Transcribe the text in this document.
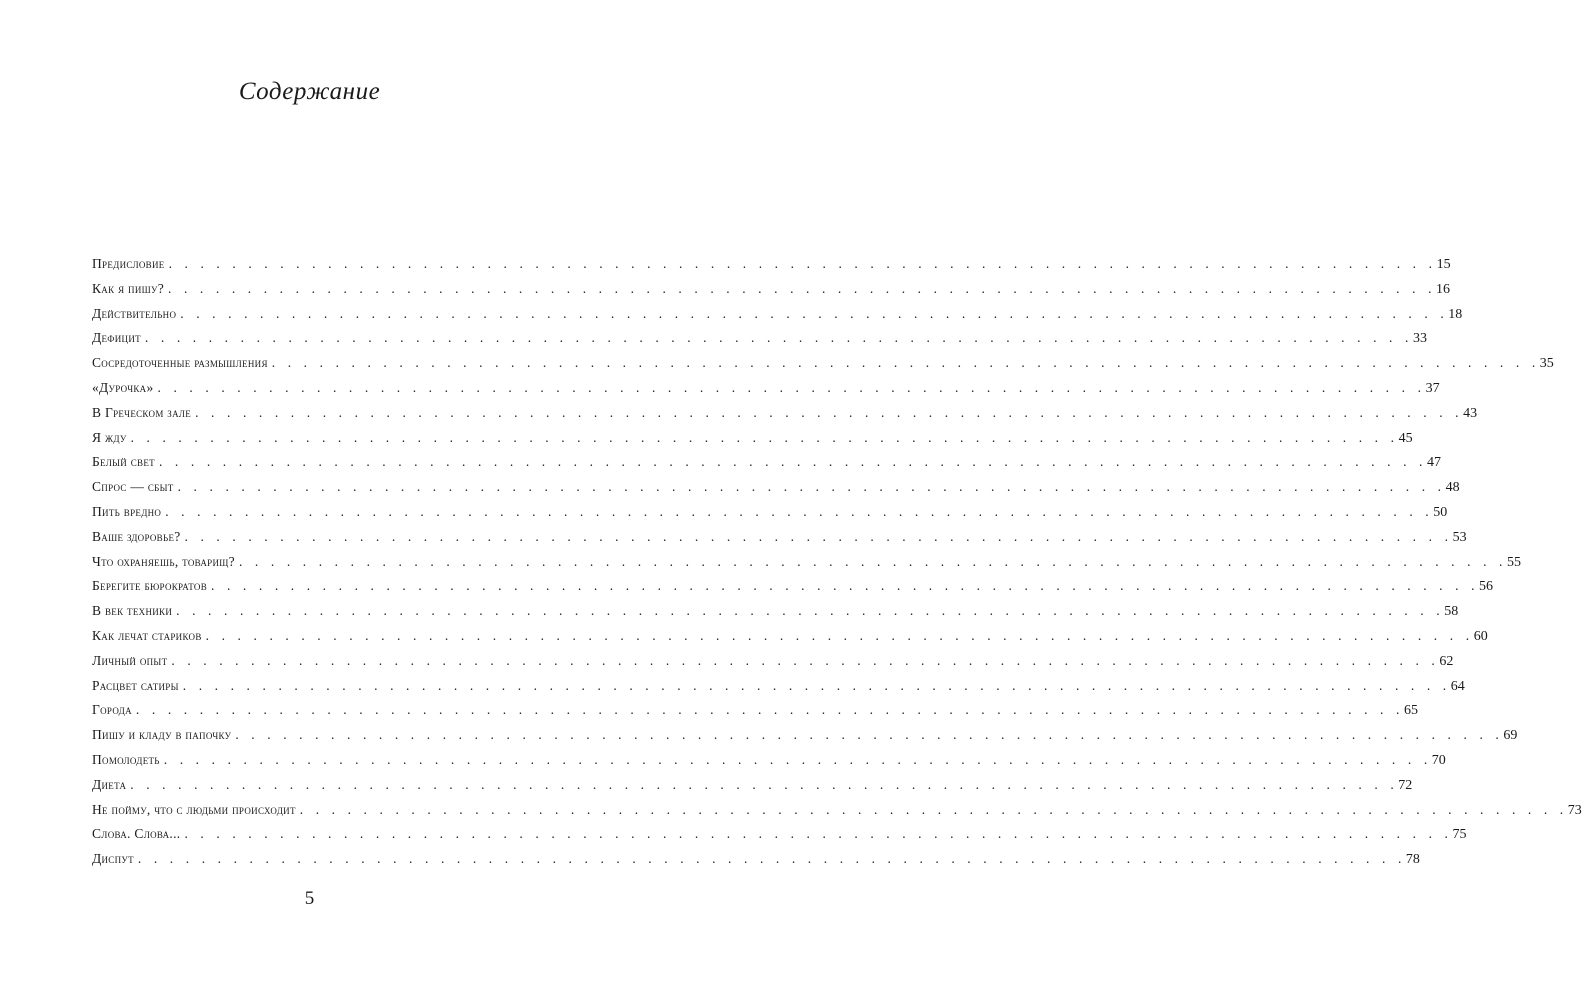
Содержание
Предисловие . . . . . . . . . . . . . . . . . . . . . . . . . . . . . . . . . . . . . . . . . . . . . . . . . . . . . . . . . . . . . . . . . . . . . . . . . . . . . . . . 15
Как я пишу? . . . . . . . . . . . . . . . . . . . . . . . . . . . . . . . . . . . . . . . . . . . . . . . . . . . . . . . . . . . . . . . . . . . . . . . . . . . . . . . . 16
Действительно . . . . . . . . . . . . . . . . . . . . . . . . . . . . . . . . . . . . . . . . . . . . . . . . . . . . . . . . . . . . . . . . . . . . . . . . . . . . . . . . 18
Дефицит . . . . . . . . . . . . . . . . . . . . . . . . . . . . . . . . . . . . . . . . . . . . . . . . . . . . . . . . . . . . . . . . . . . . . . . . . . . . . . . . 33
Сосредоточенные размышления . . . . . . . . . . . . . . . . . . . . . . . . . . . . . . . . . . . . . . . . . . . . . . . . . . . . . . . . . . . . . . . . . . . . . . . . . . . . . . . . 35
«Дурочка» . . . . . . . . . . . . . . . . . . . . . . . . . . . . . . . . . . . . . . . . . . . . . . . . . . . . . . . . . . . . . . . . . . . . . . . . . . . . . . . . 37
В Греческом зале . . . . . . . . . . . . . . . . . . . . . . . . . . . . . . . . . . . . . . . . . . . . . . . . . . . . . . . . . . . . . . . . . . . . . . . . . . . . . . . . 43
Я жду . . . . . . . . . . . . . . . . . . . . . . . . . . . . . . . . . . . . . . . . . . . . . . . . . . . . . . . . . . . . . . . . . . . . . . . . . . . . . . . . 45
Белый свет . . . . . . . . . . . . . . . . . . . . . . . . . . . . . . . . . . . . . . . . . . . . . . . . . . . . . . . . . . . . . . . . . . . . . . . . . . . . . . . . 47
Спрос — сбыт . . . . . . . . . . . . . . . . . . . . . . . . . . . . . . . . . . . . . . . . . . . . . . . . . . . . . . . . . . . . . . . . . . . . . . . . . . . . . . . . 48
Пить вредно . . . . . . . . . . . . . . . . . . . . . . . . . . . . . . . . . . . . . . . . . . . . . . . . . . . . . . . . . . . . . . . . . . . . . . . . . . . . . . . . 50
Ваше здоровье? . . . . . . . . . . . . . . . . . . . . . . . . . . . . . . . . . . . . . . . . . . . . . . . . . . . . . . . . . . . . . . . . . . . . . . . . . . . . . . . . 53
Что охраняешь, товарищ? . . . . . . . . . . . . . . . . . . . . . . . . . . . . . . . . . . . . . . . . . . . . . . . . . . . . . . . . . . . . . . . . . . . . . . . . . . . . . . . . 55
Берегите бюрократов . . . . . . . . . . . . . . . . . . . . . . . . . . . . . . . . . . . . . . . . . . . . . . . . . . . . . . . . . . . . . . . . . . . . . . . . . . . . . . . . 56
В век техники . . . . . . . . . . . . . . . . . . . . . . . . . . . . . . . . . . . . . . . . . . . . . . . . . . . . . . . . . . . . . . . . . . . . . . . . . . . . . . . . 58
Как лечат стариков . . . . . . . . . . . . . . . . . . . . . . . . . . . . . . . . . . . . . . . . . . . . . . . . . . . . . . . . . . . . . . . . . . . . . . . . . . . . . . . . 60
Личный опыт . . . . . . . . . . . . . . . . . . . . . . . . . . . . . . . . . . . . . . . . . . . . . . . . . . . . . . . . . . . . . . . . . . . . . . . . . . . . . . . . 62
Расцвет сатиры . . . . . . . . . . . . . . . . . . . . . . . . . . . . . . . . . . . . . . . . . . . . . . . . . . . . . . . . . . . . . . . . . . . . . . . . . . . . . . . . 64
Города . . . . . . . . . . . . . . . . . . . . . . . . . . . . . . . . . . . . . . . . . . . . . . . . . . . . . . . . . . . . . . . . . . . . . . . . . . . . . . . . 65
Пишу и кладу в папочку . . . . . . . . . . . . . . . . . . . . . . . . . . . . . . . . . . . . . . . . . . . . . . . . . . . . . . . . . . . . . . . . . . . . . . . . . . . . . . . . 69
Помолодеть . . . . . . . . . . . . . . . . . . . . . . . . . . . . . . . . . . . . . . . . . . . . . . . . . . . . . . . . . . . . . . . . . . . . . . . . . . . . . . . . 70
Диета . . . . . . . . . . . . . . . . . . . . . . . . . . . . . . . . . . . . . . . . . . . . . . . . . . . . . . . . . . . . . . . . . . . . . . . . . . . . . . . . 72
Не пойму, что с людьми происходит . . . . . . . . . . . . . . . . . . . . . . . . . . . . . . . . . . . . . . . . . . . . . . . . . . . . . . . . . . . . . . . . . . . . . . . . . . . . . . . . 73
Слова. Слова... . . . . . . . . . . . . . . . . . . . . . . . . . . . . . . . . . . . . . . . . . . . . . . . . . . . . . . . . . . . . . . . . . . . . . . . . . . . . . . . . 75
Диспут . . . . . . . . . . . . . . . . . . . . . . . . . . . . . . . . . . . . . . . . . . . . . . . . . . . . . . . . . . . . . . . . . . . . . . . . . . . . . . . . 78
5
